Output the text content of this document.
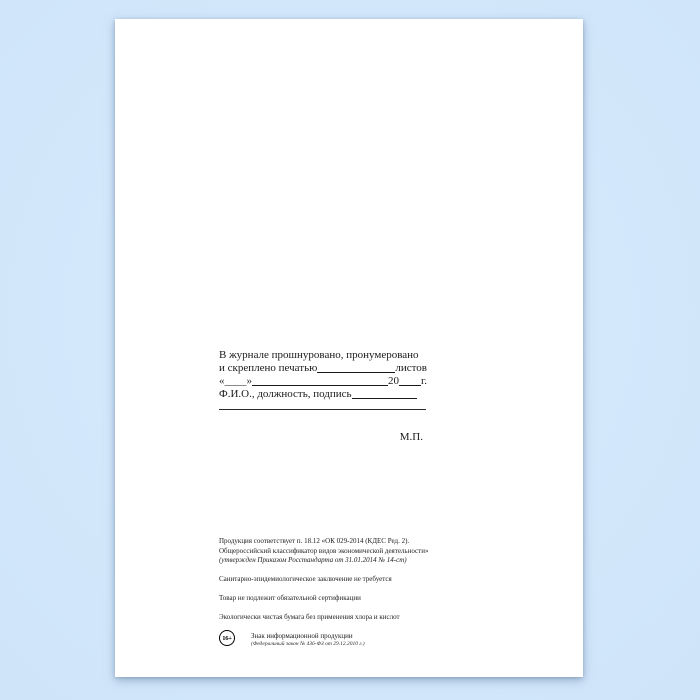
В журнале прошнуровано, пронумеровано
и скреплено печатью	листов
«____»	20 г.
Ф.И.О., должность, подпись
М.П.
Продукция соответствует п. 18.12 «ОК 029-2014 (КДЕС Ред. 2).
Общероссийский классификатор видов экономической деятельности»
(утвержден Приказом Росстандарта от 31.01.2014 № 14-ст)
Санитарно-эпидемиологическое заключение не требуется
Товар не подлежит обязательной сертификации
Экологически чистая бумага без применения хлора и кислот
16+	Знак информационной продукции
(Федеральный закон № 436-ФЗ от 29.12.2010 г.)
